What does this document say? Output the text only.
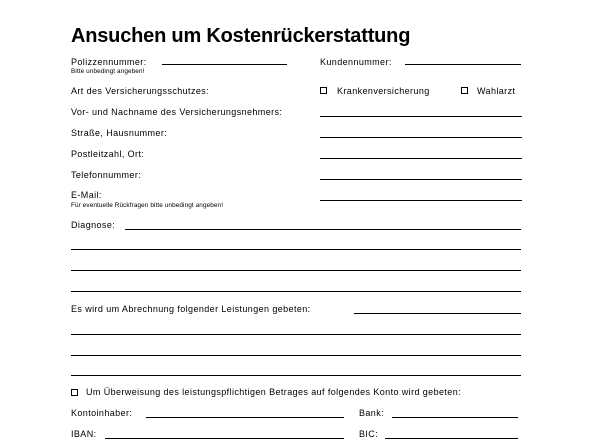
Ansuchen um Kostenrückerstattung
Polizzennummer:
Bitte unbedingt angeben!
Kundennummer:
Art des Versicherungsschutzes:	Krankenversicherung	Wahlarzt
Vor- und Nachname des Versicherungsnehmers:
Straße, Hausnummer:
Postleitzahl, Ort:
Telefonnummer:
E-Mail:
Für eventuelle Rückfragen bitte unbedingt angeben!
Diagnose:
Es wird um Abrechnung folgender Leistungen gebeten:
Um Überweisung des leistungspflichtigen Betrages auf folgendes Konto wird gebeten:
Kontoinhaber:	Bank:
IBAN:	BIC:
